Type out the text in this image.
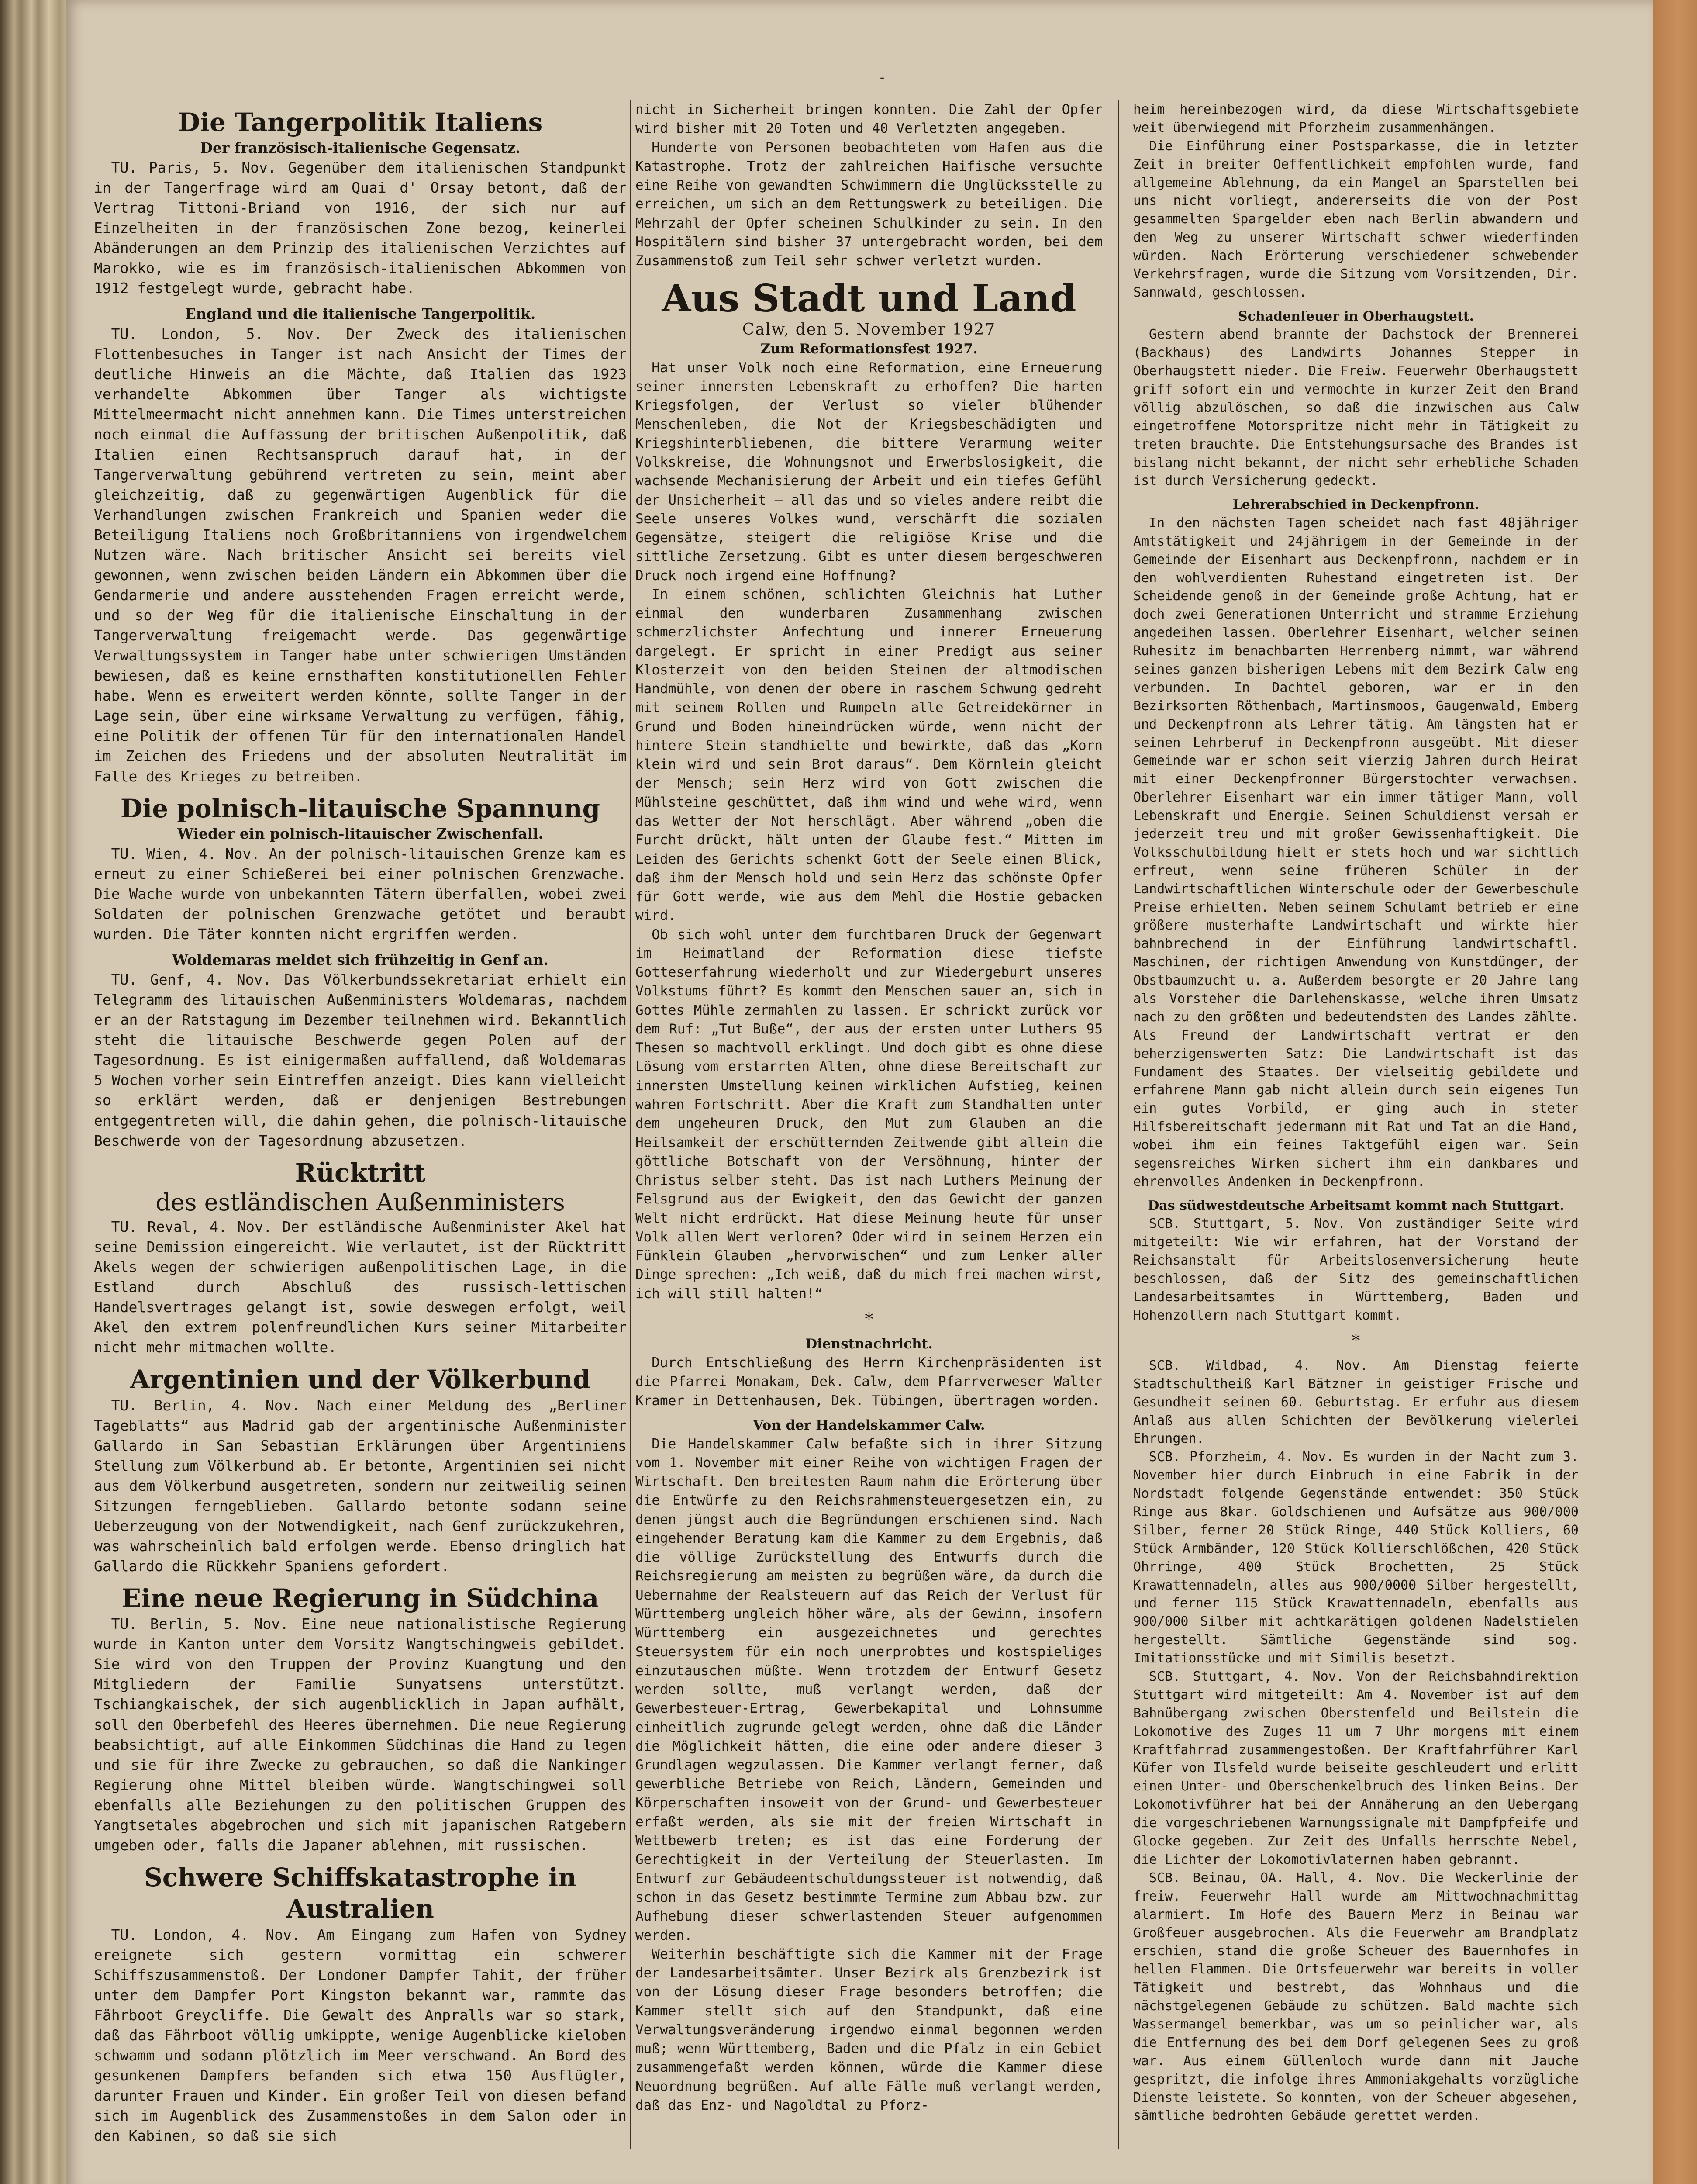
-
Die Tangerpolitik Italiens
Der französisch-italienische Gegensatz.

TU. Paris, 5. Nov. Gegenüber dem italienischen Standpunkt in der Tangerfrage wird am Quai d' Orsay betont, daß der Vertrag Tittoni-Briand von 1916, der sich nur auf Einzelheiten in der französischen Zone bezog, keinerlei Abänderungen an dem Prinzip des italienischen Verzichtes auf Marokko, wie es im französisch-italienischen Abkommen von 1912 festgelegt wurde, gebracht habe.

England und die italienische Tangerpolitik.

TU. London, 5. Nov. Der Zweck des italienischen Flottenbesuches in Tanger ist nach Ansicht der Times der deutliche Hinweis an die Mächte, daß Italien das 1923 verhandelte Abkommen über Tanger als wichtigste Mittelmeermacht nicht annehmen kann. Die Times unterstreichen noch einmal die Auffassung der britischen Außenpolitik, daß Italien einen Rechtsanspruch darauf hat, in der Tangerverwaltung gebührend vertreten zu sein, meint aber gleichzeitig, daß zu gegenwärtigen Augenblick für die Verhandlungen zwischen Frankreich und Spanien weder die Beteiligung Italiens noch Großbritanniens von irgendwelchem Nutzen wäre. Nach britischer Ansicht sei bereits viel gewonnen, wenn zwischen beiden Ländern ein Abkommen über die Gendarmerie und andere ausstehenden Fragen erreicht werde, und so der Weg für die italienische Einschaltung in der Tangerverwaltung freigemacht werde. Das gegenwärtige Verwaltungssystem in Tanger habe unter schwierigen Umständen bewiesen, daß es keine ernsthaften konstitutionellen Fehler habe. Wenn es erweitert werden könnte, sollte Tanger in der Lage sein, über eine wirksame Verwaltung zu verfügen, fähig, eine Politik der offenen Tür für den internationalen Handel im Zeichen des Friedens und der absoluten Neutralität im Falle des Krieges zu betreiben.

Die polnisch-litauische Spannung
Wieder ein polnisch-litauischer Zwischenfall.

TU. Wien, 4. Nov. An der polnisch-litauischen Grenze kam es erneut zu einer Schießerei bei einer polnischen Grenzwache. Die Wache wurde von unbekannten Tätern überfallen, wobei zwei Soldaten der polnischen Grenzwache getötet und beraubt wurden. Die Täter konnten nicht ergriffen werden.

Woldemaras meldet sich frühzeitig in Genf an.

TU. Genf, 4. Nov. Das Völkerbundssekretariat erhielt ein Telegramm des litauischen Außenministers Woldemaras, nachdem er an der Ratstagung im Dezember teilnehmen wird. Bekanntlich steht die litauische Beschwerde gegen Polen auf der Tagesordnung. Es ist einigermaßen auffallend, daß Woldemaras 5 Wochen vorher sein Eintreffen anzeigt. Dies kann vielleicht so erklärt werden, daß er denjenigen Bestrebungen entgegentreten will, die dahin gehen, die polnisch-litauische Beschwerde von der Tagesordnung abzusetzen.

Rücktritt
des estländischen Außenministers

TU. Reval, 4. Nov. Der estländische Außenminister Akel hat seine Demission eingereicht. Wie verlautet, ist der Rücktritt Akels wegen der schwierigen außenpolitischen Lage, in die Estland durch Abschluß des russisch-lettischen Handelsvertrages gelangt ist, sowie deswegen erfolgt, weil Akel den extrem polenfreundlichen Kurs seiner Mitarbeiter nicht mehr mitmachen wollte.

Argentinien und der Völkerbund

TU. Berlin, 4. Nov. Nach einer Meldung des „Berliner Tageblatts“ aus Madrid gab der argentinische Außenminister Gallardo in San Sebastian Erklärungen über Argentiniens Stellung zum Völkerbund ab. Er betonte, Argentinien sei nicht aus dem Völkerbund ausgetreten, sondern nur zeitweilig seinen Sitzungen ferngeblieben. Gallardo betonte sodann seine Ueberzeugung von der Notwendigkeit, nach Genf zurückzukehren, was wahrscheinlich bald erfolgen werde. Ebenso dringlich hat Gallardo die Rückkehr Spaniens gefordert.

Eine neue Regierung in Südchina

TU. Berlin, 5. Nov. Eine neue nationalistische Regierung wurde in Kanton unter dem Vorsitz Wangtschingweis gebildet. Sie wird von den Truppen der Provinz Kuangtung und den Mitgliedern der Familie Sunyatsens unterstützt. Tschiangkaischek, der sich augenblicklich in Japan aufhält, soll den Oberbefehl des Heeres übernehmen. Die neue Regierung beabsichtigt, auf alle Einkommen Südchinas die Hand zu legen und sie für ihre Zwecke zu gebrauchen, so daß die Nankinger Regierung ohne Mittel bleiben würde. Wangtschingwei soll ebenfalls alle Beziehungen zu den politischen Gruppen des Yangtsetales abgebrochen und sich mit japanischen Ratgebern umgeben oder, falls die Japaner ablehnen, mit russischen.

Schwere Schiffskatastrophe in Australien

TU. London, 4. Nov. Am Eingang zum Hafen von Sydney ereignete sich gestern vormittag ein schwerer Schiffszusammenstoß. Der Londoner Dampfer Tahit, der früher unter dem Dampfer Port Kingston bekannt war, rammte das Fährboot Greycliffe. Die Gewalt des Anpralls war so stark, daß das Fährboot völlig umkippte, wenige Augenblicke kieloben schwamm und sodann plötzlich im Meer verschwand. An Bord des gesunkenen Dampfers befanden sich etwa 150 Ausflügler, darunter Frauen und Kinder. Ein großer Teil von diesen befand sich im Augenblick des Zusammenstoßes in dem Salon oder in den Kabinen, so daß sie sich

nicht in Sicherheit bringen konnten. Die Zahl der Opfer wird bisher mit 20 Toten und 40 Verletzten angegeben.

Hunderte von Personen beobachteten vom Hafen aus die Katastrophe. Trotz der zahlreichen Haifische versuchte eine Reihe von gewandten Schwimmern die Unglücksstelle zu erreichen, um sich an dem Rettungswerk zu beteiligen. Die Mehrzahl der Opfer scheinen Schulkinder zu sein. In den Hospitälern sind bisher 37 untergebracht worden, bei dem Zusammenstoß zum Teil sehr schwer verletzt wurden.

Aus Stadt und Land
Calw, den 5. November 1927
Zum Reformationsfest 1927.

Hat unser Volk noch eine Reformation, eine Erneuerung seiner innersten Lebenskraft zu erhoffen? Die harten Kriegsfolgen, der Verlust so vieler blühender Menschenleben, die Not der Kriegsbeschädigten und Kriegshinterbliebenen, die bittere Verarmung weiter Volkskreise, die Wohnungsnot und Erwerbslosigkeit, die wachsende Mechanisierung der Arbeit und ein tiefes Gefühl der Unsicherheit — all das und so vieles andere reibt die Seele unseres Volkes wund, verschärft die sozialen Gegensätze, steigert die religiöse Krise und die sittliche Zersetzung. Gibt es unter diesem bergeschweren Druck noch irgend eine Hoffnung?

In einem schönen, schlichten Gleichnis hat Luther einmal den wunderbaren Zusammenhang zwischen schmerzlichster Anfechtung und innerer Erneuerung dargelegt. Er spricht in einer Predigt aus seiner Klosterzeit von den beiden Steinen der altmodischen Handmühle, von denen der obere in raschem Schwung gedreht mit seinem Rollen und Rumpeln alle Getreidekörner in Grund und Boden hineindrücken würde, wenn nicht der hintere Stein standhielte und bewirkte, daß das „Korn klein wird und sein Brot daraus“. Dem Körnlein gleicht der Mensch; sein Herz wird von Gott zwischen die Mühlsteine geschüttet, daß ihm wind und wehe wird, wenn das Wetter der Not herschlägt. Aber während „oben die Furcht drückt, hält unten der Glaube fest.“ Mitten im Leiden des Gerichts schenkt Gott der Seele einen Blick, daß ihm der Mensch hold und sein Herz das schönste Opfer für Gott werde, wie aus dem Mehl die Hostie gebacken wird.

Ob sich wohl unter dem furchtbaren Druck der Gegenwart im Heimatland der Reformation diese tiefste Gotteserfahrung wiederholt und zur Wiedergeburt unseres Volkstums führt? Es kommt den Menschen sauer an, sich in Gottes Mühle zermahlen zu lassen. Er schrickt zurück vor dem Ruf: „Tut Buße“, der aus der ersten unter Luthers 95 Thesen so machtvoll erklingt. Und doch gibt es ohne diese Lösung vom erstarrten Alten, ohne diese Bereitschaft zur innersten Umstellung keinen wirklichen Aufstieg, keinen wahren Fortschritt. Aber die Kraft zum Standhalten unter dem ungeheuren Druck, den Mut zum Glauben an die Heilsamkeit der erschütternden Zeitwende gibt allein die göttliche Botschaft von der Versöhnung, hinter der Christus selber steht. Das ist nach Luthers Meinung der Felsgrund aus der Ewigkeit, den das Gewicht der ganzen Welt nicht erdrückt. Hat diese Meinung heute für unser Volk allen Wert verloren? Oder wird in seinem Herzen ein Fünklein Glauben „hervorwischen“ und zum Lenker aller Dinge sprechen: „Ich weiß, daß du mich frei machen wirst, ich will still halten!“

*
Dienstnachricht.

Durch Entschließung des Herrn Kirchenpräsidenten ist die Pfarrei Monakam, Dek. Calw, dem Pfarrverweser Walter Kramer in Dettenhausen, Dek. Tübingen, übertragen worden.

Von der Handelskammer Calw.

Die Handelskammer Calw befaßte sich in ihrer Sitzung vom 1. November mit einer Reihe von wichtigen Fragen der Wirtschaft. Den breitesten Raum nahm die Erörterung über die Entwürfe zu den Reichsrahmensteuergesetzen ein, zu denen jüngst auch die Begründungen erschienen sind. Nach eingehender Beratung kam die Kammer zu dem Ergebnis, daß die völlige Zurückstellung des Entwurfs durch die Reichsregierung am meisten zu begrüßen wäre, da durch die Uebernahme der Realsteuern auf das Reich der Verlust für Württemberg ungleich höher wäre, als der Gewinn, insofern Württemberg ein ausgezeichnetes und gerechtes Steuersystem für ein noch unerprobtes und kostspieliges einzutauschen müßte. Wenn trotzdem der Entwurf Gesetz werden sollte, muß verlangt werden, daß der Gewerbesteuer-Ertrag, Gewerbekapital und Lohnsumme einheitlich zugrunde gelegt werden, ohne daß die Länder die Möglichkeit hätten, die eine oder andere dieser 3 Grundlagen wegzulassen. Die Kammer verlangt ferner, daß gewerbliche Betriebe von Reich, Ländern, Gemeinden und Körperschaften insoweit von der Grund- und Gewerbesteuer erfaßt werden, als sie mit der freien Wirtschaft in Wettbewerb treten; es ist das eine Forderung der Gerechtigkeit in der Verteilung der Steuerlasten. Im Entwurf zur Gebäudeentschuldungssteuer ist notwendig, daß schon in das Gesetz bestimmte Termine zum Abbau bzw. zur Aufhebung dieser schwerlastenden Steuer aufgenommen werden.

Weiterhin beschäftigte sich die Kammer mit der Frage der Landesarbeitsämter. Unser Bezirk als Grenzbezirk ist von der Lösung dieser Frage besonders betroffen; die Kammer stellt sich auf den Standpunkt, daß eine Verwaltungsveränderung irgendwo einmal begonnen werden muß; wenn Württemberg, Baden und die Pfalz in ein Gebiet zusammengefaßt werden können, würde die Kammer diese Neuordnung begrüßen. Auf alle Fälle muß verlangt werden, daß das Enz- und Nagoldtal zu Pforz-

heim hereinbezogen wird, da diese Wirtschaftsgebiete weit überwiegend mit Pforzheim zusammenhängen.

Die Einführung einer Postsparkasse, die in letzter Zeit in breiter Oeffentlichkeit empfohlen wurde, fand allgemeine Ablehnung, da ein Mangel an Sparstellen bei uns nicht vorliegt, andererseits die von der Post gesammelten Spargelder eben nach Berlin abwandern und den Weg zu unserer Wirtschaft schwer wiederfinden würden. Nach Erörterung verschiedener schwebender Verkehrsfragen, wurde die Sitzung vom Vorsitzenden, Dir. Sannwald, geschlossen.

Schadenfeuer in Oberhaugstett.

Gestern abend brannte der Dachstock der Brennerei (Backhaus) des Landwirts Johannes Stepper in Oberhaugstett nieder. Die Freiw. Feuerwehr Oberhaugstett griff sofort ein und vermochte in kurzer Zeit den Brand völlig abzulöschen, so daß die inzwischen aus Calw eingetroffene Motorspritze nicht mehr in Tätigkeit zu treten brauchte. Die Entstehungsursache des Brandes ist bislang nicht bekannt, der nicht sehr erhebliche Schaden ist durch Versicherung gedeckt.

Lehrerabschied in Deckenpfronn.

In den nächsten Tagen scheidet nach fast 48jähriger Amtstätigkeit und 24jährigem in der Gemeinde in der Gemeinde der Eisenhart aus Deckenpfronn, nachdem er in den wohlverdienten Ruhestand eingetreten ist. Der Scheidende genoß in der Gemeinde große Achtung, hat er doch zwei Generationen Unterricht und stramme Erziehung angedeihen lassen. Oberlehrer Eisenhart, welcher seinen Ruhesitz im benachbarten Herrenberg nimmt, war während seines ganzen bisherigen Lebens mit dem Bezirk Calw eng verbunden. In Dachtel geboren, war er in den Bezirksorten Röthenbach, Martinsmoos, Gaugenwald, Emberg und Deckenpfronn als Lehrer tätig. Am längsten hat er seinen Lehrberuf in Deckenpfronn ausgeübt. Mit dieser Gemeinde war er schon seit vierzig Jahren durch Heirat mit einer Deckenpfronner Bürgerstochter verwachsen. Oberlehrer Eisenhart war ein immer tätiger Mann, voll Lebenskraft und Energie. Seinen Schuldienst versah er jederzeit treu und mit großer Gewissenhaftigkeit. Die Volksschulbildung hielt er stets hoch und war sichtlich erfreut, wenn seine früheren Schüler in der Landwirtschaftlichen Winterschule oder der Gewerbeschule Preise erhielten. Neben seinem Schulamt betrieb er eine größere musterhafte Landwirtschaft und wirkte hier bahnbrechend in der Einführung landwirtschaftl. Maschinen, der richtigen Anwendung von Kunstdünger, der Obstbaumzucht u. a. Außerdem besorgte er 20 Jahre lang als Vorsteher die Darlehenskasse, welche ihren Umsatz nach zu den größten und bedeutendsten des Landes zählte. Als Freund der Landwirtschaft vertrat er den beherzigenswerten Satz: Die Landwirtschaft ist das Fundament des Staates. Der vielseitig gebildete und erfahrene Mann gab nicht allein durch sein eigenes Tun ein gutes Vorbild, er ging auch in steter Hilfsbereitschaft jedermann mit Rat und Tat an die Hand, wobei ihm ein feines Taktgefühl eigen war. Sein segensreiches Wirken sichert ihm ein dankbares und ehrenvolles Andenken in Deckenpfronn.

Das südwestdeutsche Arbeitsamt kommt nach Stuttgart.

SCB. Stuttgart, 5. Nov. Von zuständiger Seite wird mitgeteilt: Wie wir erfahren, hat der Vorstand der Reichsanstalt für Arbeitslosenversicherung heute beschlossen, daß der Sitz des gemeinschaftlichen Landesarbeitsamtes in Württemberg, Baden und Hohenzollern nach Stuttgart kommt.

*

SCB. Wildbad, 4. Nov. Am Dienstag feierte Stadtschultheiß Karl Bätzner in geistiger Frische und Gesundheit seinen 60. Geburtstag. Er erfuhr aus diesem Anlaß aus allen Schichten der Bevölkerung vielerlei Ehrungen.

SCB. Pforzheim, 4. Nov. Es wurden in der Nacht zum 3. November hier durch Einbruch in eine Fabrik in der Nordstadt folgende Gegenstände entwendet: 350 Stück Ringe aus 8kar. Goldschienen und Aufsätze aus 900/000 Silber, ferner 20 Stück Ringe, 440 Stück Kolliers, 60 Stück Armbänder, 120 Stück Kollierschlößchen, 420 Stück Ohrringe, 400 Stück Brochetten, 25 Stück Krawattennadeln, alles aus 900/0000 Silber hergestellt, und ferner 115 Stück Krawattennadeln, ebenfalls aus 900/000 Silber mit achtkarätigen goldenen Nadelstielen hergestellt. Sämtliche Gegenstände sind sog. Imitationsstücke und mit Similis besetzt.

SCB. Stuttgart, 4. Nov. Von der Reichsbahndirektion Stuttgart wird mitgeteilt: Am 4. November ist auf dem Bahnübergang zwischen Oberstenfeld und Beilstein die Lokomotive des Zuges 11 um 7 Uhr morgens mit einem Kraftfahrrad zusammengestoßen. Der Kraftfahrführer Karl Küfer von Ilsfeld wurde beiseite geschleudert und erlitt einen Unter- und Oberschenkelbruch des linken Beins. Der Lokomotivführer hat bei der Annäherung an den Uebergang die vorgeschriebenen Warnungssignale mit Dampfpfeife und Glocke gegeben. Zur Zeit des Unfalls herrschte Nebel, die Lichter der Lokomotivlaternen haben gebrannt.

SCB. Beinau, OA. Hall, 4. Nov. Die Weckerlinie der freiw. Feuerwehr Hall wurde am Mittwochnachmittag alarmiert. Im Hofe des Bauern Merz in Beinau war Großfeuer ausgebrochen. Als die Feuerwehr am Brandplatz erschien, stand die große Scheuer des Bauernhofes in hellen Flammen. Die Ortsfeuerwehr war bereits in voller Tätigkeit und bestrebt, das Wohnhaus und die nächstgelegenen Gebäude zu schützen. Bald machte sich Wassermangel bemerkbar, was um so peinlicher war, als die Entfernung des bei dem Dorf gelegenen Sees zu groß war. Aus einem Güllenloch wurde dann mit Jauche gespritzt, die infolge ihres Ammoniakgehalts vorzügliche Dienste leistete. So konnten, von der Scheuer abgesehen, sämtliche bedrohten Gebäude gerettet werden.
